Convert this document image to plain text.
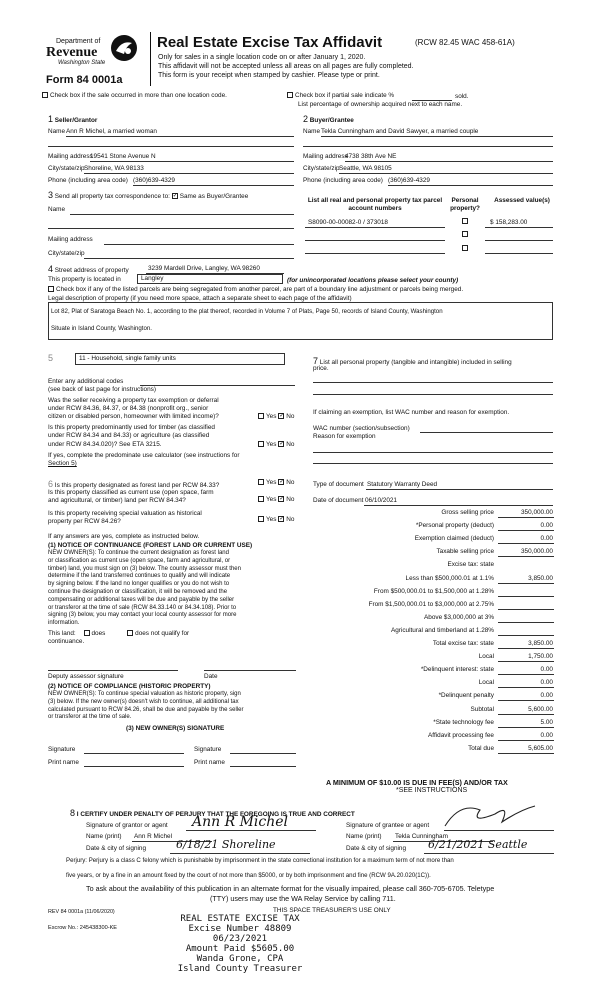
Department of
Revenue
Washington State
Form 84 0001a
Real Estate Excise Tax Affidavit	(RCW 82.45 WAC 458-61A)
Only for sales in a single location code on or after January 1, 2020.
This affidavit will not be accepted unless all areas on all pages are fully completed.
This form is your receipt when stamped by cashier. Please type or print.
Check box if the sale occurred in more than one location code.	Check box if partial sale indicate %	sold.
List percentage of ownership acquired next to each name.
1 Seller/Grantor
Name Ann R Michel, a married woman
Mailing address
19541 Stone Avenue N
City/state/zip Shoreline, WA 98133
Phone (including area code) (360)639-4329
2 Buyer/Grantee
Name Tekla Cunningham and David Sawyer, a married couple
Mailing address
4738 38th Ave NE
City/state/zip Seattle, WA 98105
Phone (including area code) (360)639-4329
3 Send all property tax correspondence to: ✓ Same as Buyer/Grantee
Name
Mailing address
City/state/zip
List all real and personal property tax parcel account numbers
Personal property?
Assessed value(s)
S8090-00-00082-0 / 373018	$ 158,283.00
4 Street address of property	3239 Mardell Drive, Langley, WA 98260
This property is located in	Langley	(for unincorporated locations please select your county)
Check box if any of the listed parcels are being segregated from another parcel, are part of a boundary line adjustment or parcels being merged.
Legal description of property (if you need more space, attach a separate sheet to each page of the affidavit)
Lot 82, Plat of Saratoga Beach No. 1, according to the plat thereof, recorded in Volume 7 of Plats, Page 50, records of Island County, Washington
Situate in Island County, Washington.
5	11 - Household, single family units
Enter any additional codes
(see back of last page for instructions)
Was the seller receiving a property tax exemption or deferral
under RCW 84.36, 84.37, or 84.38 (nonprofit org., senior
citizen or disabled person, homeowner with limited income)?	Yes ✓ No
Is this property predominantly used for timber (as classified
under RCW 84.34 and 84.33) or agriculture (as classified
under RCW 84.34.020)? See ETA 3215.	Yes ✓ No
If yes, complete the predominate use calculator (see instructions for
Section 5)
6 Is this property designated as forest land per RCW 84.33?	Yes ✓ No
Is this property classified as current use (open space, farm
and agricultural, or timber) land per RCW 84.34?	Yes ✓ No
Is this property receiving special valuation as historical
property per RCW 84.26?	Yes ✓ No
If any answers are yes, complete as instructed below.
(1) NOTICE OF CONTINUANCE (FOREST LAND OR CURRENT USE)
NEW OWNER(S): To continue the current designation as forest land
or classification as current use (open space, farm and agricultural, or
timber) land, you must sign on (3) below. The county assessor must then
determine if the land transferred continues to qualify and will indicate
by signing below. If the land no longer qualifies or you do not wish to
continue the designation or classification, it will be removed and the
compensating or additional taxes will be due and payable by the seller
or transferor at the time of sale (RCW 84.33.140 or 84.34.108). Prior to
signing (3) below, you may contact your local county assessor for more
information.
This land: does	does not qualify for
continuance.
Deputy assessor signature	Date
(2) NOTICE OF COMPLIANCE (HISTORIC PROPERTY)
NEW OWNER(S): To continue special valuation as historic property, sign
(3) below. If the new owner(s) doesn't wish to continue, all additional tax
calculated pursuant to RCW 84.26, shall be due and payable by the seller
or transferor at the time of sale.
(3) NEW OWNER(S) SIGNATURE
Signature	Signature
Print name	Print name
7 List all personal property (tangible and intangible) included in selling
price.
If claiming an exemption, list WAC number and reason for exemption.
WAC number (section/subsection)
Reason for exemption
Type of document Statutory Warranty Deed
Date of document 06/10/2021
Gross selling price	350,000.00
*Personal property (deduct)	0.00
Exemption claimed (deduct)	0.00
Taxable selling price	350,000.00
Excise tax: state
Less than $500,000.01 at 1.1%	3,850.00
From $500,000.01 to $1,500,000 at 1.28%
From $1,500,000.01 to $3,000,000 at 2.75%
Above $3,000,000 at 3%
Agricultural and timberland at 1.28%
Total excise tax: state	3,850.00
Local	1,750.00
*Delinquent interest: state	0.00
Local	0.00
*Delinquent penalty	0.00
Subtotal	5,600.00
*State technology fee	5.00
Affidavit processing fee	0.00
Total due	5,605.00
A MINIMUM OF $10.00 IS DUE IN FEE(S) AND/OR TAX
*SEE INSTRUCTIONS
8 I CERTIFY UNDER PENALTY OF PERJURY THAT THE FOREGOING IS TRUE AND CORRECT
Signature of grantor or agent Ann R Michel
Name (print) Ann R Michel
Date & city of signing	6/18/21 Shoreline
Signature of grantee or agent
Name (print) Tekla Cunningham
Date & city of signing 6/21/2021 Seattle
Perjury: Perjury is a class C felony which is punishable by imprisonment in the state correctional institution for a maximum term of not more than
five years, or by a fine in an amount fixed by the court of not more than $5000, or by both imprisonment and fine (RCW 9A.20.020(1C)).
To ask about the availability of this publication in an alternate format for the visually impaired, please call 360-705-6705. Teletype
(TTY) users may use the WA Relay Service by calling 711.
REV 84 0001a (11/06/2020)
Escrow No.: 245438300-KE
THIS SPACE TREASURER'S USE ONLY
REAL ESTATE EXCISE TAX
Excise Number 48809
06/23/2021
Amount Paid $5605.00
Wanda Grone, CPA
Island County Treasurer
